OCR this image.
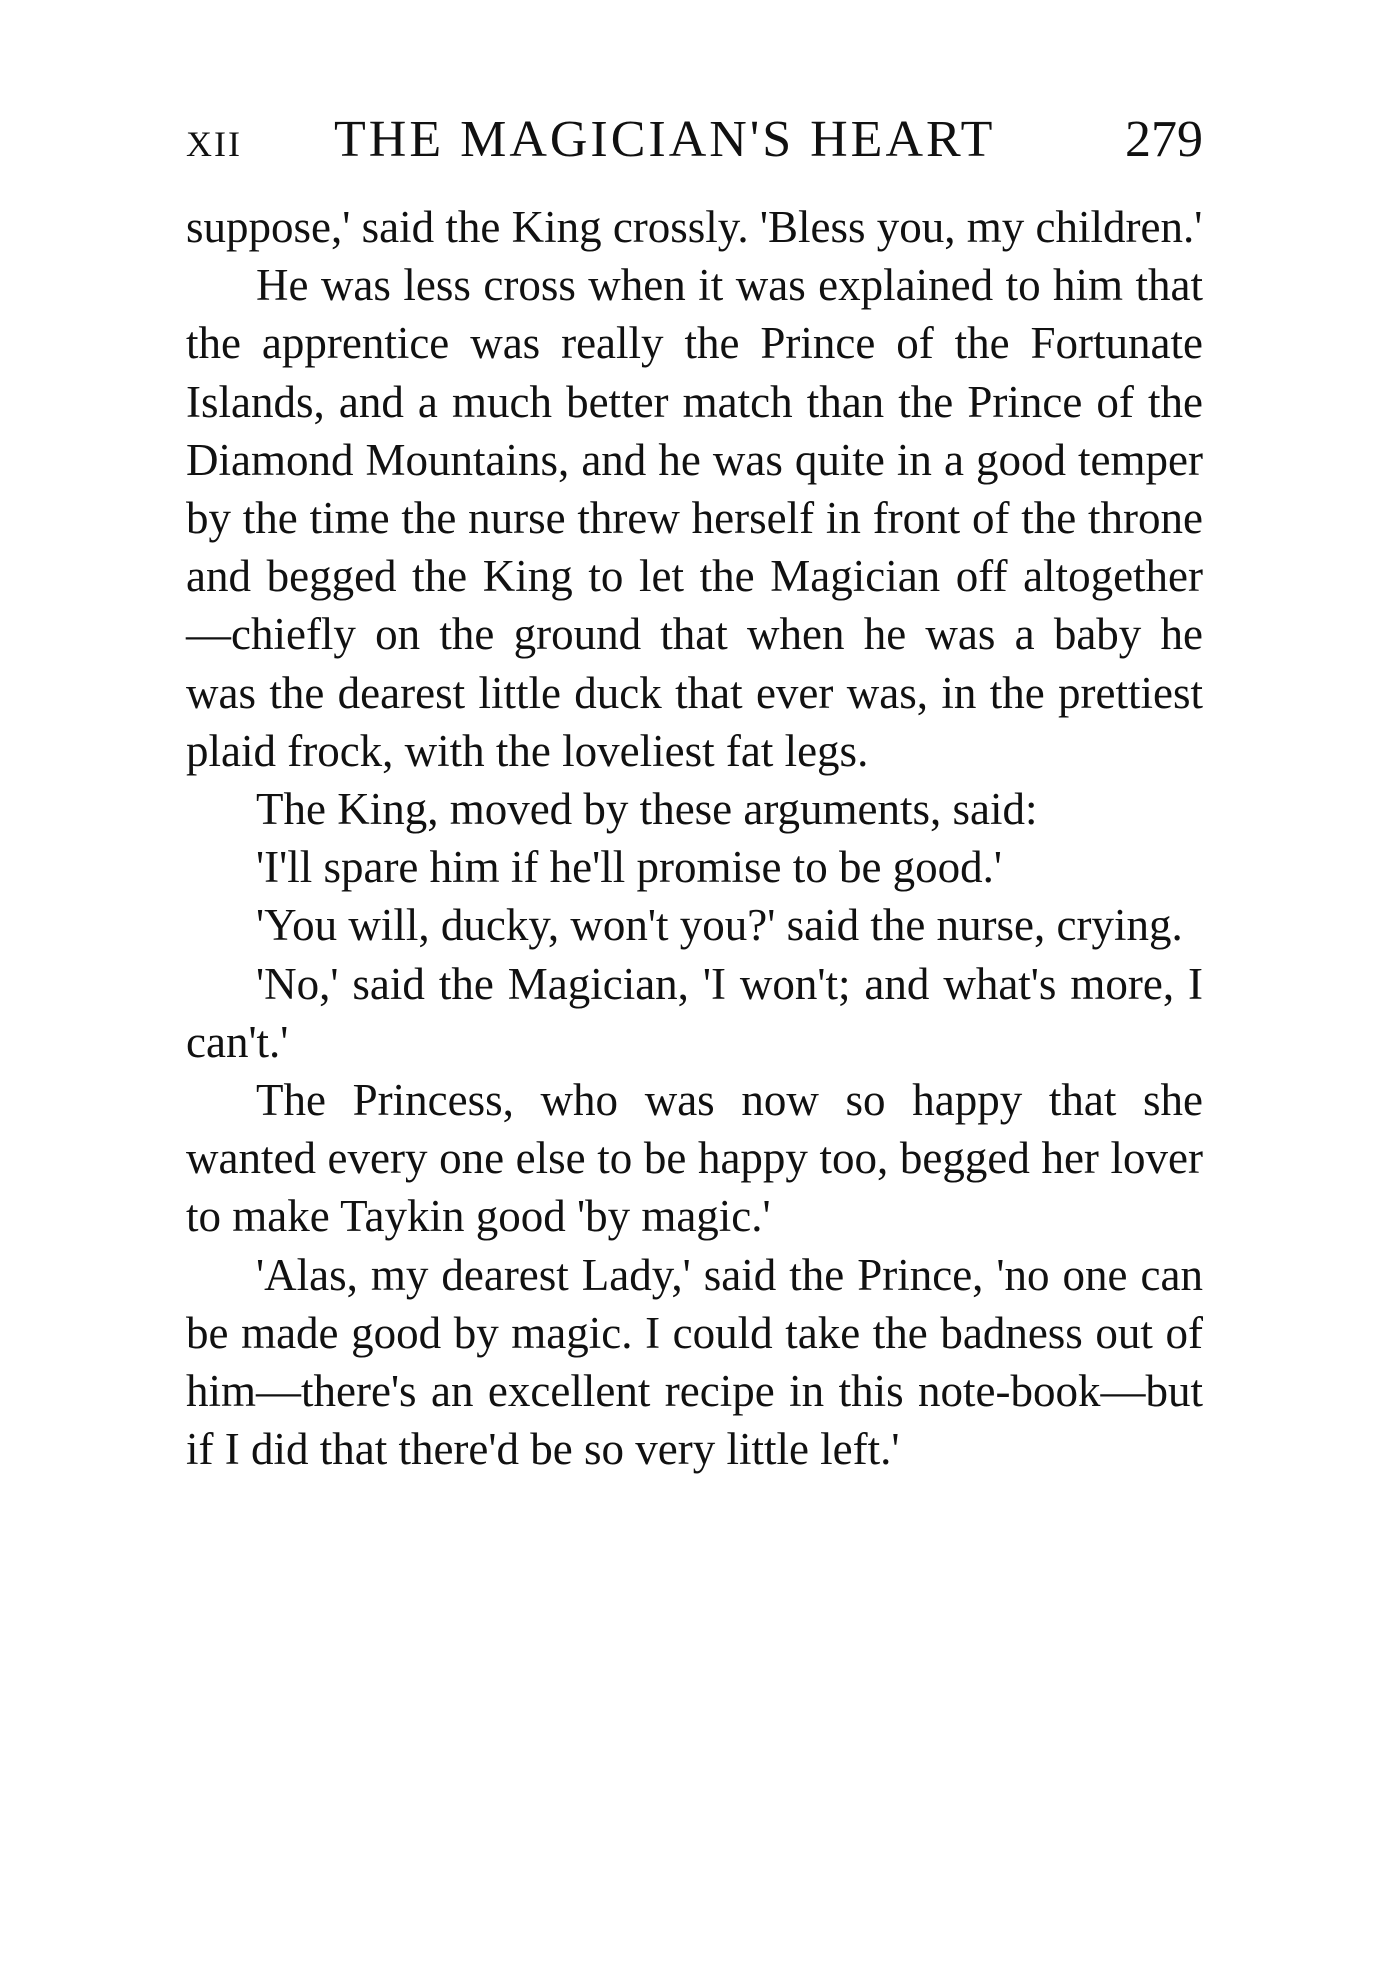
XII THE MAGICIAN'S HEART 279

suppose,' said the King crossly. 'Bless you, my children.'

He was less cross when it was explained to him that the apprentice was really the Prince of the Fortunate Islands, and a much better match than the Prince of the Diamond Mountains, and he was quite in a good temper by the time the nurse threw herself in front of the throne and begged the King to let the Magician off altogether—chiefly on the ground that when he was a baby he was the dearest little duck that ever was, in the prettiest plaid frock, with the loveliest fat legs.

The King, moved by these arguments, said:

'I'll spare him if he'll promise to be good.'

'You will, ducky, won't you?' said the nurse, crying.

'No,' said the Magician, 'I won't; and what's more, I can't.'

The Princess, who was now so happy that she wanted every one else to be happy too, begged her lover to make Taykin good 'by magic.'

'Alas, my dearest Lady,' said the Prince, 'no one can be made good by magic. I could take the badness out of him—there's an excellent recipe in this note-book—but if I did that there'd be so very little left.'
